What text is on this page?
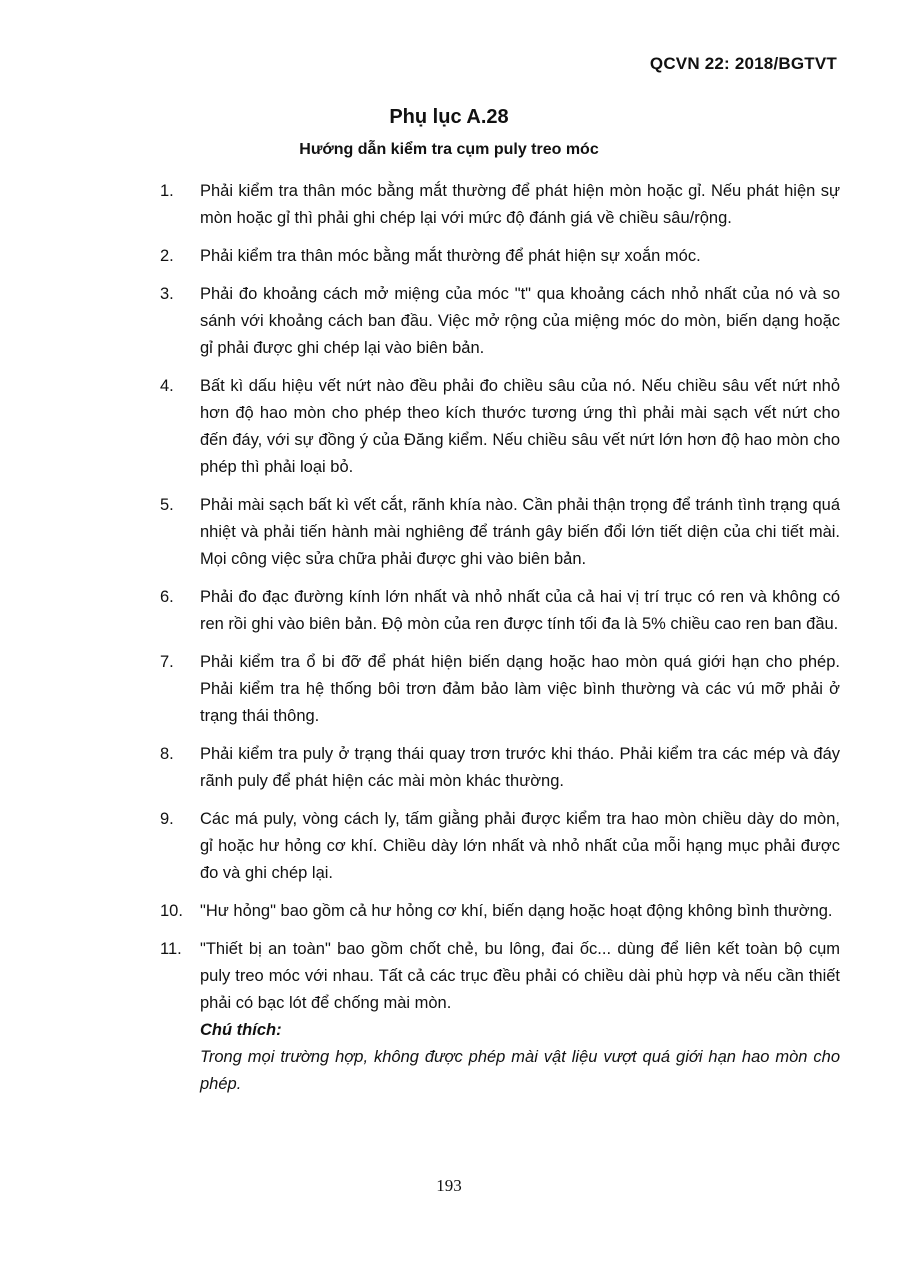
QCVN 22: 2018/BGTVT
Phụ lục A.28
Hướng dẫn kiểm tra cụm puly treo móc
1. Phải kiểm tra thân móc bằng mắt thường để phát hiện mòn hoặc gỉ. Nếu phát hiện sự mòn hoặc gỉ thì phải ghi chép lại với mức độ đánh giá về chiều sâu/rộng.
2. Phải kiểm tra thân móc bằng mắt thường để phát hiện sự xoắn móc.
3. Phải đo khoảng cách mở miệng của móc "t" qua khoảng cách nhỏ nhất của nó và so sánh với khoảng cách ban đầu. Việc mở rộng của miệng móc do mòn, biến dạng hoặc gỉ phải được ghi chép lại vào biên bản.
4. Bất kì dấu hiệu vết nứt nào đều phải đo chiều sâu của nó. Nếu chiều sâu vết nứt nhỏ hơn độ hao mòn cho phép theo kích thước tương ứng thì phải mài sạch vết nứt cho đến đáy, với sự đồng ý của Đăng kiểm. Nếu chiều sâu vết nứt lớn hơn độ hao mòn cho phép thì phải loại bỏ.
5. Phải mài sạch bất kì vết cắt, rãnh khía nào. Cần phải thận trọng để tránh tình trạng quá nhiệt và phải tiến hành mài nghiêng để tránh gây biến đổi lớn tiết diện của chi tiết mài. Mọi công việc sửa chữa phải được ghi vào biên bản.
6. Phải đo đạc đường kính lớn nhất và nhỏ nhất của cả hai vị trí trục có ren và không có ren rồi ghi vào biên bản. Độ mòn của ren được tính tối đa là 5% chiều cao ren ban đầu.
7. Phải kiểm tra ổ bi đỡ để phát hiện biến dạng hoặc hao mòn quá giới hạn cho phép. Phải kiểm tra hệ thống bôi trơn đảm bảo làm việc bình thường và các vú mỡ phải ở trạng thái thông.
8. Phải kiểm tra puly ở trạng thái quay trơn trước khi tháo. Phải kiểm tra các mép và đáy rãnh puly để phát hiện các mài mòn khác thường.
9. Các má puly, vòng cách ly, tấm giằng phải được kiểm tra hao mòn chiều dày do mòn, gỉ hoặc hư hỏng cơ khí. Chiều dày lớn nhất và nhỏ nhất của mỗi hạng mục phải được đo và ghi chép lại.
10. "Hư hỏng" bao gồm cả hư hỏng cơ khí, biến dạng hoặc hoạt động không bình thường.
11. "Thiết bị an toàn" bao gồm chốt chẻ, bu lông, đai ốc... dùng để liên kết toàn bộ cụm puly treo móc với nhau. Tất cả các trục đều phải có chiều dài phù hợp và nếu cần thiết phải có bạc lót để chống mài mòn.
Chú thích:
Trong mọi trường hợp, không được phép mài vật liệu vượt quá giới hạn hao mòn cho phép.
193
